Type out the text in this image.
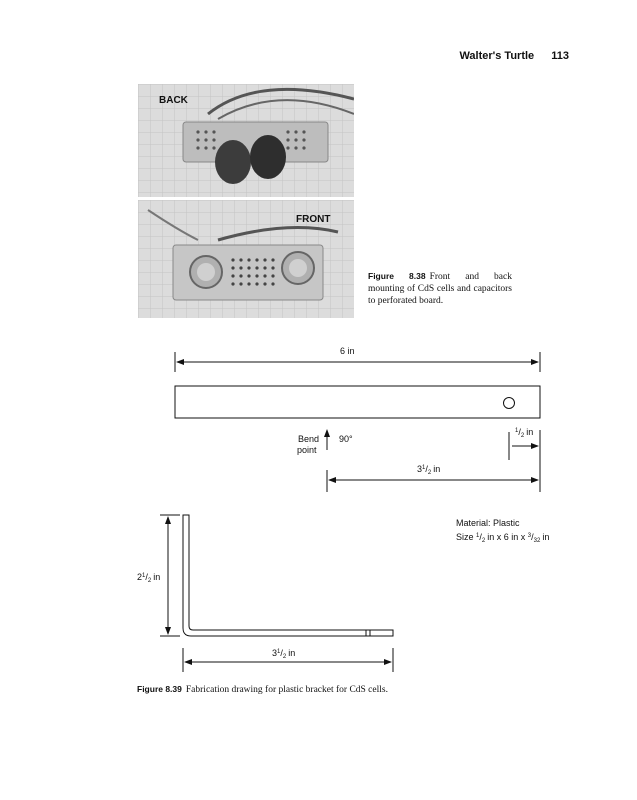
Walter's Turtle 113
BACK
FRONT
Figure 8.38 Front and back mounting of CdS cells and capacitors to perforated board.
6 in
$^1/_2$ in
Bend
point
90°
$3^1/_2$ in
Material: Plastic
Size $^1/_2$ in x 6 in x $^3/_{32}$ in
$2^1/_2$ in
$3^1/_2$ in
Figure 8.39 Fabrication drawing for plastic bracket for CdS cells.
